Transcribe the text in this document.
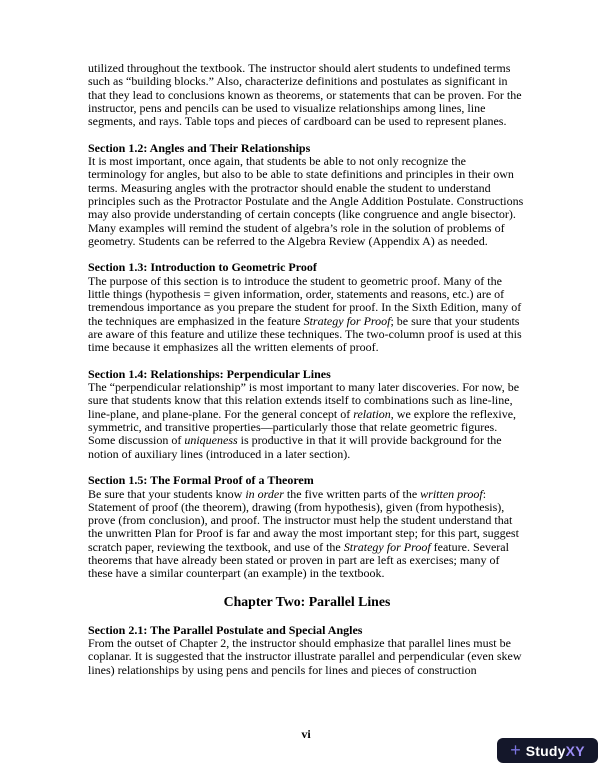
utilized throughout the textbook. The instructor should alert students to undefined terms such as “building blocks.” Also, characterize definitions and postulates as significant in that they lead to conclusions known as theorems, or statements that can be proven. For the instructor, pens and pencils can be used to visualize relationships among lines, line segments, and rays. Table tops and pieces of cardboard can be used to represent planes.
Section 1.2: Angles and Their Relationships
It is most important, once again, that students be able to not only recognize the terminology for angles, but also to be able to state definitions and principles in their own terms. Measuring angles with the protractor should enable the student to understand principles such as the Protractor Postulate and the Angle Addition Postulate. Constructions may also provide understanding of certain concepts (like congruence and angle bisector). Many examples will remind the student of algebra’s role in the solution of problems of geometry. Students can be referred to the Algebra Review (Appendix A) as needed.
Section 1.3: Introduction to Geometric Proof
The purpose of this section is to introduce the student to geometric proof. Many of the little things (hypothesis = given information, order, statements and reasons, etc.) are of tremendous importance as you prepare the student for proof. In the Sixth Edition, many of the techniques are emphasized in the feature Strategy for Proof; be sure that your students are aware of this feature and utilize these techniques. The two-column proof is used at this time because it emphasizes all the written elements of proof.
Section 1.4: Relationships: Perpendicular Lines
The “perpendicular relationship” is most important to many later discoveries. For now, be sure that students know that this relation extends itself to combinations such as line-line, line-plane, and plane-plane. For the general concept of relation, we explore the reflexive, symmetric, and transitive properties—particularly those that relate geometric figures. Some discussion of uniqueness is productive in that it will provide background for the notion of auxiliary lines (introduced in a later section).
Section 1.5: The Formal Proof of a Theorem
Be sure that your students know in order the five written parts of the written proof: Statement of proof (the theorem), drawing (from hypothesis), given (from hypothesis), prove (from conclusion), and proof. The instructor must help the student understand that the unwritten Plan for Proof is far and away the most important step; for this part, suggest scratch paper, reviewing the textbook, and use of the Strategy for Proof feature. Several theorems that have already been stated or proven in part are left as exercises; many of these have a similar counterpart (an example) in the textbook.
Chapter Two: Parallel Lines
Section 2.1: The Parallel Postulate and Special Angles
From the outset of Chapter 2, the instructor should emphasize that parallel lines must be coplanar. It is suggested that the instructor illustrate parallel and perpendicular (even skew lines) relationships by using pens and pencils for lines and pieces of construction
vi
+ StudyXY
